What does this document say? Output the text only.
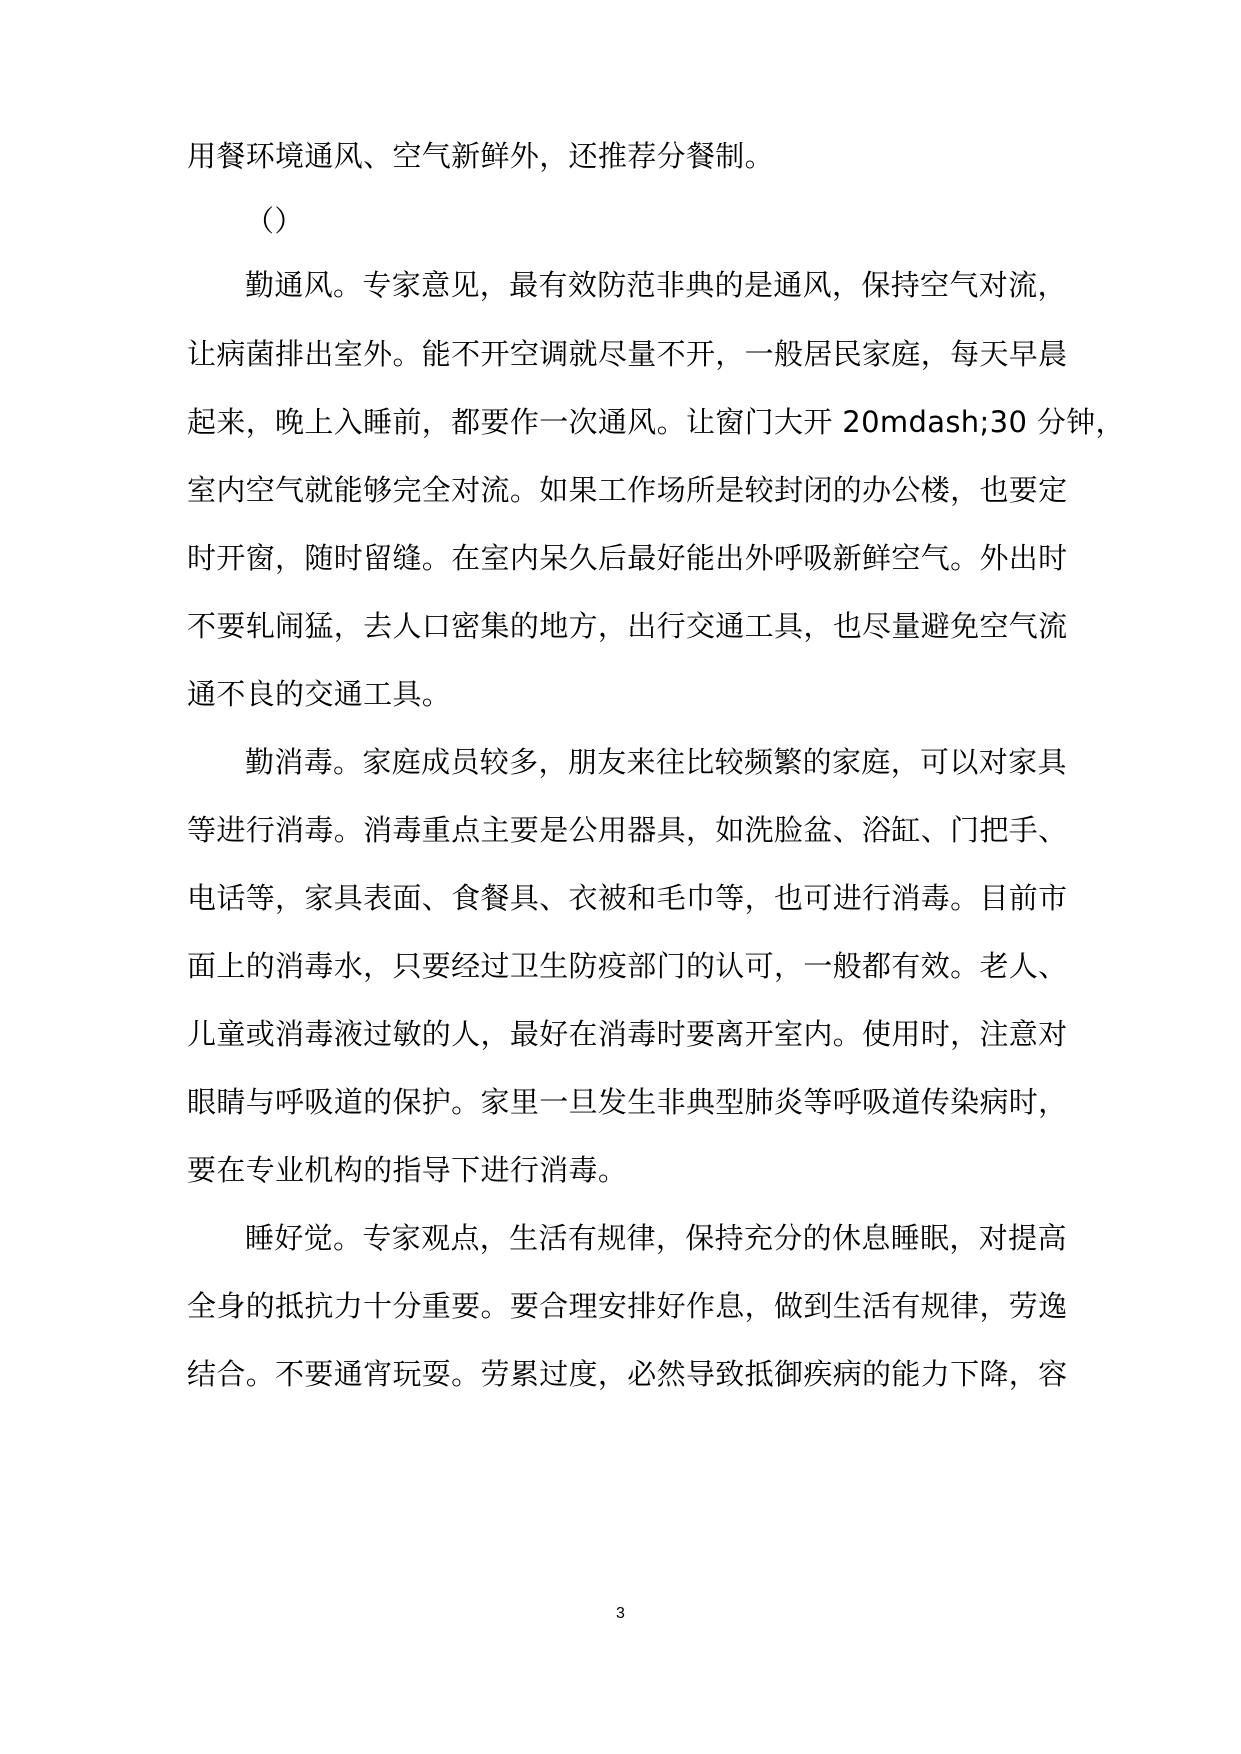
用餐环境通风、空气新鲜外，还推荐分餐制。
（）
勤通风。专家意见，最有效防范非典的是通风，保持空气对流，
让病菌排出室外。能不开空调就尽量不开，一般居民家庭，每天早晨
起来，晚上入睡前，都要作一次通风。让窗门大开 20mdash;30 分钟，
室内空气就能够完全对流。如果工作场所是较封闭的办公楼，也要定
时开窗，随时留缝。在室内呆久后最好能出外呼吸新鲜空气。外出时
不要轧闹猛，去人口密集的地方，出行交通工具，也尽量避免空气流
通不良的交通工具。
勤消毒。家庭成员较多，朋友来往比较频繁的家庭，可以对家具
等进行消毒。消毒重点主要是公用器具，如洗脸盆、浴缸、门把手、
电话等，家具表面、食餐具、衣被和毛巾等，也可进行消毒。目前市
面上的消毒水，只要经过卫生防疫部门的认可，一般都有效。老人、
儿童或消毒液过敏的人，最好在消毒时要离开室内。使用时，注意对
眼睛与呼吸道的保护。家里一旦发生非典型肺炎等呼吸道传染病时，
要在专业机构的指导下进行消毒。
睡好觉。专家观点，生活有规律，保持充分的休息睡眠，对提高
全身的抵抗力十分重要。要合理安排好作息，做到生活有规律，劳逸
结合。不要通宵玩耍。劳累过度，必然导致抵御疾病的能力下降，容
3
